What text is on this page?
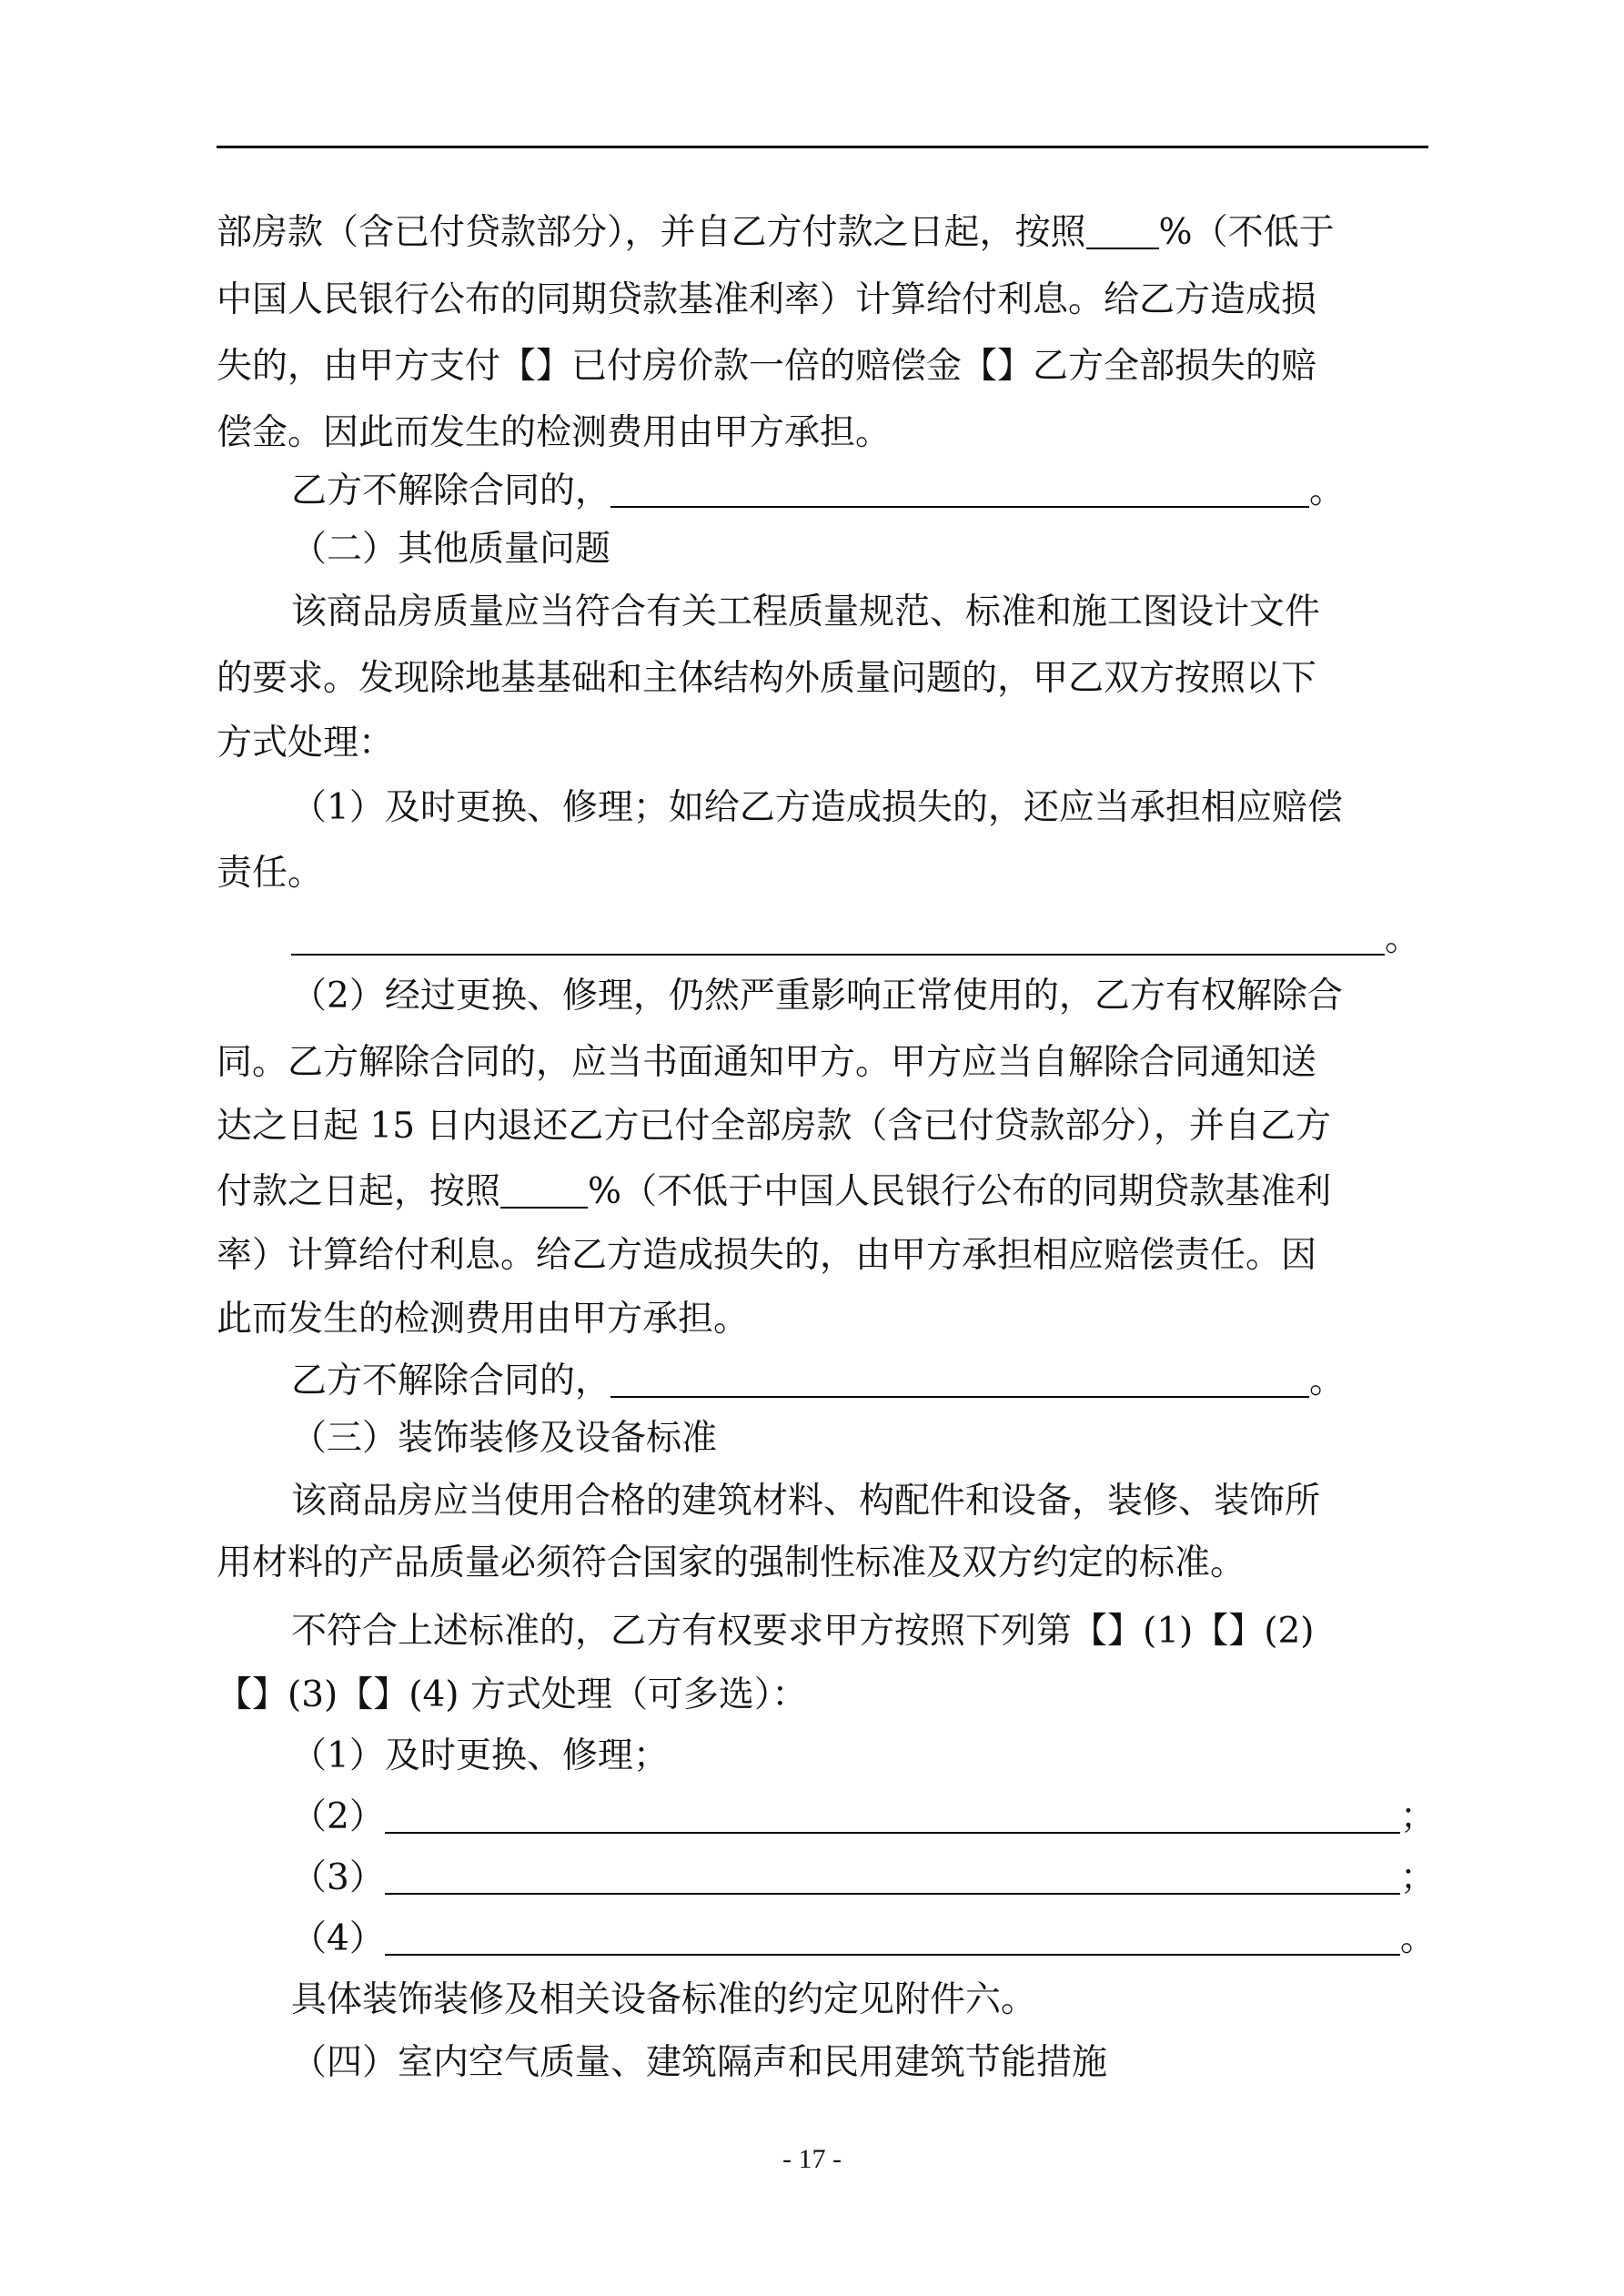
部房款（含已付贷款部分），并自乙方付款之日起，按照 %（不低于
中国人民银行公布的同期贷款基准利率）计算给付利息。给乙方造成损
失的，由甲方支付【】已付房价款一倍的赔偿金【】乙方全部损失的赔
偿金。因此而发生的检测费用由甲方承担。
乙方不解除合同的，	。
（二）其他质量问题
该商品房质量应当符合有关工程质量规范、标准和施工图设计文件
的要求。发现除地基基础和主体结构外质量问题的，甲乙双方按照以下
方式处理：
（1）及时更换、修理；如给乙方造成损失的，还应当承担相应赔偿
责任。
。
（2）经过更换、修理，仍然严重影响正常使用的，乙方有权解除合
同。乙方解除合同的，应当书面通知甲方。甲方应当自解除合同通知送
达之日起 15 日内退还乙方已付全部房款（含已付贷款部分），并自乙方
付款之日起，按照 %（不低于中国人民银行公布的同期贷款基准利
率）计算给付利息。给乙方造成损失的，由甲方承担相应赔偿责任。因
此而发生的检测费用由甲方承担。
乙方不解除合同的，	。
（三）装饰装修及设备标准
该商品房应当使用合格的建筑材料、构配件和设备，装修、装饰所
用材料的产品质量必须符合国家的强制性标准及双方约定的标准。
不符合上述标准的，乙方有权要求甲方按照下列第【】(1)【】(2)
【】(3)【】(4) 方式处理（可多选）：
（1）及时更换、修理；
（2）	；
（3）	；
（4）	。
具体装饰装修及相关设备标准的约定见附件六。
（四）室内空气质量、建筑隔声和民用建筑节能措施
- 17 -
